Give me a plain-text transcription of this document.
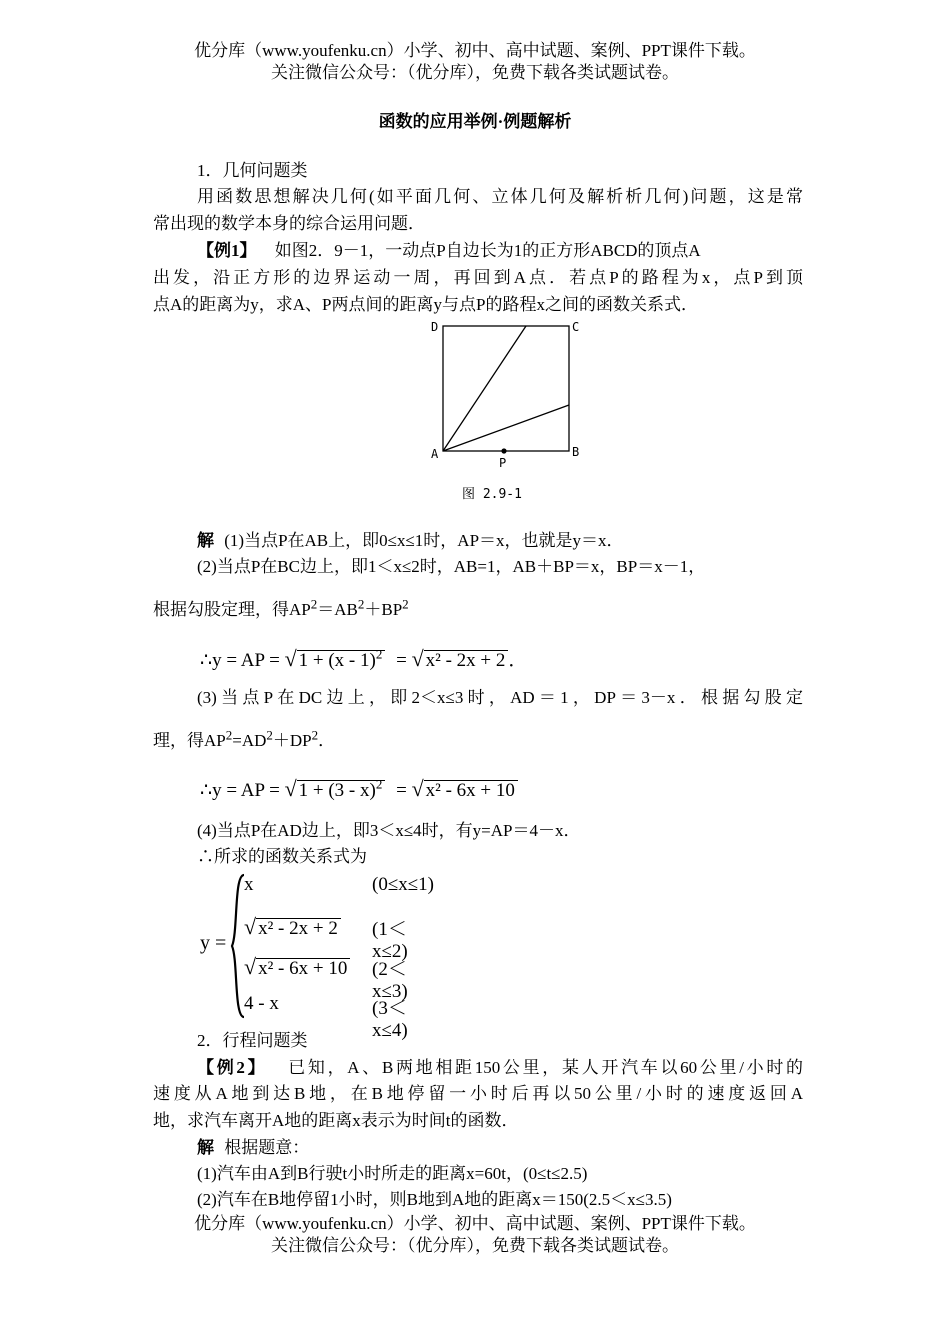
优分库（www.youfenku.cn）小学、初中、高中试题、案例、PPT课件下载。
关注微信公众号：（优分库），免费下载各类试题试卷。
函数的应用举例·例题解析
1．几何问题类
用函数思想解决几何(如平面几何、立体几何及解析析几何)问题，这是常
常出现的数学本身的综合运用问题．
【例1】 如图2．9－1，一动点P自边长为1的正方形ABCD的顶点A
出发，沿正方形的边界运动一周，再回到A点．若点P的路程为x，点P到顶
点A的距离为y，求A、P两点间的距离y与点P的路程x之间的函数关系式．
D	C
A	B
P
图 2.9-1
解 (1)当点P在AB上，即0≤x≤1时，AP＝x，也就是y＝x．
(2)当点P在BC边上，即1＜x≤2时，AB=1，AB＋BP＝x，BP＝x－1，
根据勾股定理，得$AP^2=AB^2+BP^2$
∴y = AP = √ 1 + (x - 1)$^2$ = √ x² - 2x + 2 ．
(3)当点P在DC边上，即2＜x≤3时，AD＝1，DP＝3－x．根据勾股定
理，得$AP^2=AD^2+DP^2$．
∴y = AP = √ 1 + (3 - x)$^2$ = √ x² - 6x + 10
(4)当点P在AD边上，即3＜x≤4时，有y=AP＝4－x．
∴所求的函数关系式为
y =
x	(0≤x≤1)
√ x² - 2x + 2 (1＜x≤2)
√ x² - 6x + 10 (2＜x≤3)
4 - x	(3＜x≤4)
2．行程问题类
【例2】 已知，A、B两地相距150公里，某人开汽车以60公里/小时的
速度从A地到达B地，在B地停留一小时后再以50公里/小时的速度返回A
地，求汽车离开A地的距离x表示为时间t的函数．
解 根据题意：
(1)汽车由A到B行驶t小时所走的距离x=60t，(0≤t≤2.5)
(2)汽车在B地停留1小时，则B地到A地的距离x＝150(2.5＜x≤3.5)
优分库（www.youfenku.cn）小学、初中、高中试题、案例、PPT课件下载。
关注微信公众号：（优分库），免费下载各类试题试卷。
